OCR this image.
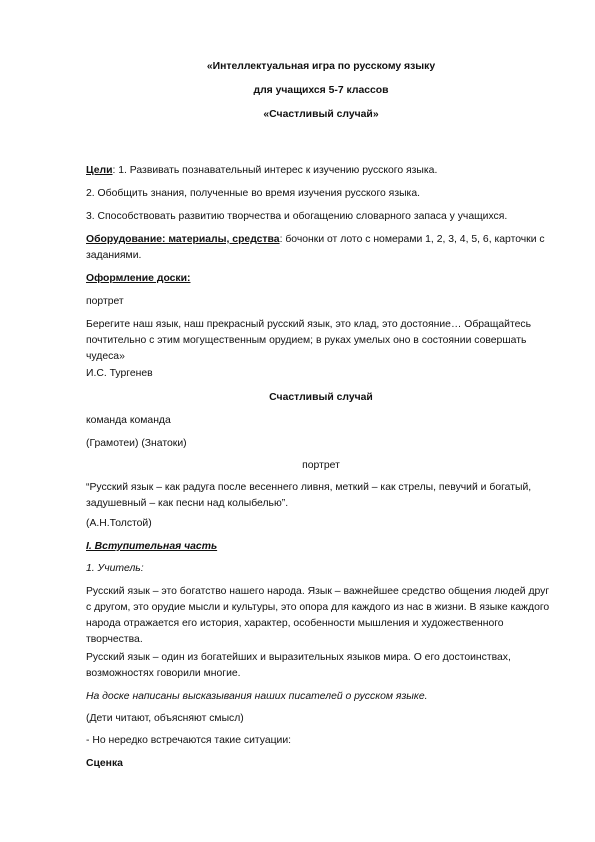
«Интеллектуальная игра по русскому языку

для учащихся 5-7 классов

«Счастливый случай»

Цели: 1. Развивать познавательный интерес к изучению русского языка.

2. Обобщить знания, полученные во время изучения русского языка.

3. Способствовать развитию творчества и обогащению словарного запаса у учащихся.

Оборудование: материалы, средства: бочонки от лото с номерами 1, 2, 3, 4, 5, 6, карточки с заданиями.

Оформление доски:

портрет

Берегите наш язык, наш прекрасный русский язык, это клад, это достояние… Обращайтесь почтительно с этим могущественным орудием; в руках умелых оно в состоянии совершать чудеса»

И.С. Тургенев

Счастливый случай

команда команда

(Грамотеи) (Знатоки)

портрет

“Русский язык – как радуга после весеннего ливня, меткий – как стрелы, певучий и богатый, задушевный – как песни над колыбелью”.

(А.Н.Толстой)

I. Вступительная часть

1. Учитель:

Русский язык – это богатство нашего народа. Язык – важнейшее средство общения людей друг с другом, это орудие мысли и культуры, это опора для каждого из нас в жизни. В языке каждого народа отражается его история, характер, особенности мышления и художественного творчества.

Русский язык – один из богатейших и выразительных языков мира. О его достоинствах, возможностях говорили многие.

На доске написаны высказывания наших писателей о русском языке.

(Дети читают, объясняют смысл)

- Но нередко встречаются такие ситуации:

Сценка
